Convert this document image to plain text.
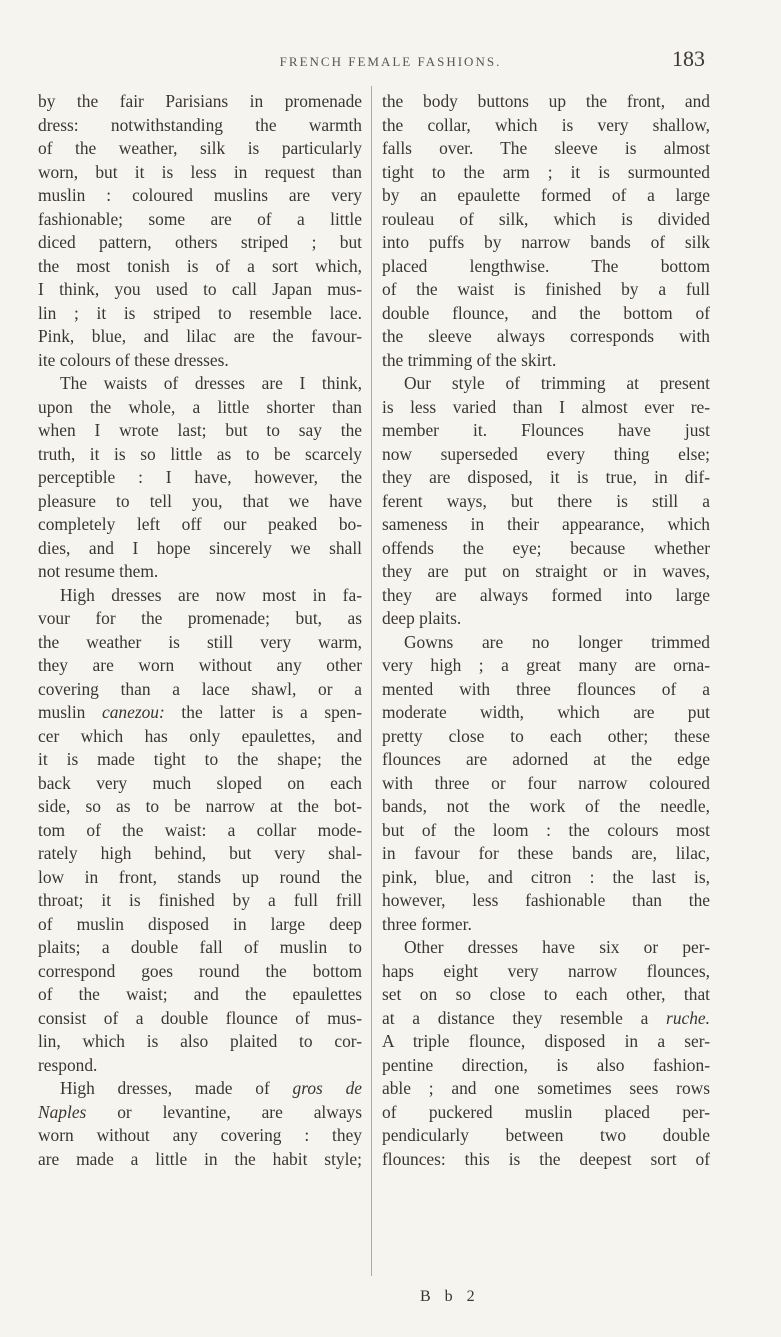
FRENCH FEMALE FASHIONS.	183
by the fair Parisians in promenade
dress: notwithstanding the warmth
of the weather, silk is particularly
worn, but it is less in request than
muslin : coloured muslins are very
fashionable; some are of a little
diced pattern, others striped ; but
the most tonish is of a sort which,
I think, you used to call Japan mus-
lin ; it is striped to resemble lace.
Pink, blue, and lilac are the favour-
ite colours of these dresses.
The waists of dresses are I think,
upon the whole, a little shorter than
when I wrote last; but to say the
truth, it is so little as to be scarcely
perceptible : I have, however, the
pleasure to tell you, that we have
completely left off our peaked bo-
dies, and I hope sincerely we shall
not resume them.
High dresses are now most in fa-
vour for the promenade; but, as
the weather is still very warm,
they are worn without any other
covering than a lace shawl, or a
muslin canezou: the latter is a spen-
cer which has only epaulettes, and
it is made tight to the shape; the
back very much sloped on each
side, so as to be narrow at the bot-
tom of the waist: a collar mode-
rately high behind, but very shal-
low in front, stands up round the
throat; it is finished by a full frill
of muslin disposed in large deep
plaits; a double fall of muslin to
correspond goes round the bottom
of the waist; and the epaulettes
consist of a double flounce of mus-
lin, which is also plaited to cor-
respond.
High dresses, made of gros de
Naples or levantine, are always
worn without any covering : they
are made a little in the habit style;
the body buttons up the front, and
the collar, which is very shallow,
falls over. The sleeve is almost
tight to the arm ; it is surmounted
by an epaulette formed of a large
rouleau of silk, which is divided
into puffs by narrow bands of silk
placed lengthwise. The bottom
of the waist is finished by a full
double flounce, and the bottom of
the sleeve always corresponds with
the trimming of the skirt.
Our style of trimming at present
is less varied than I almost ever re-
member it. Flounces have just
now superseded every thing else;
they are disposed, it is true, in dif-
ferent ways, but there is still a
sameness in their appearance, which
offends the eye; because whether
they are put on straight or in waves,
they are always formed into large
deep plaits.
Gowns are no longer trimmed
very high ; a great many are orna-
mented with three flounces of a
moderate width, which are put
pretty close to each other; these
flounces are adorned at the edge
with three or four narrow coloured
bands, not the work of the needle,
but of the loom : the colours most
in favour for these bands are, lilac,
pink, blue, and citron : the last is,
however, less fashionable than the
three former.
Other dresses have six or per-
haps eight very narrow flounces,
set on so close to each other, that
at a distance they resemble a ruche.
A triple flounce, disposed in a ser-
pentine direction, is also fashion-
able ; and one sometimes sees rows
of puckered muslin placed per-
pendicularly between two double
flounces: this is the deepest sort of
B b 2
